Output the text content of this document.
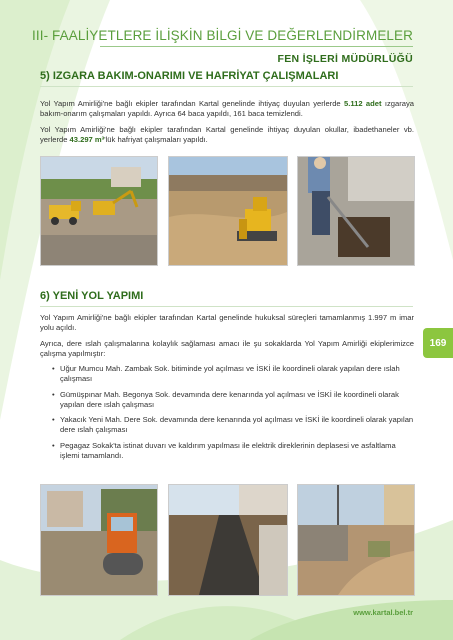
III- FAALİYETLERE İLİŞKİN BİLGİ VE DEĞERLENDİRMELER
FEN İŞLERİ MÜDÜRLÜĞÜ
5) IZGARA BAKIM-ONARIMI VE HAFRİYAT ÇALIŞMALARI

Yol Yapım Amirliği'ne bağlı ekipler tarafından Kartal genelinde ihtiyaç duyulan yerlerde 5.112 adet ızgaraya bakım-onarım çalışmaları yapıldı. Ayrıca 64 baca yapıldı, 161 baca temizlendi.

Yol Yapım Amirliği'ne bağlı ekipler tarafından Kartal genelinde ihtiyaç duyulan okullar, ibadethaneler vb. yerlerde 43.297 m³'lük hafriyat çalışmaları yapıldı.

6) YENİ YOL YAPIMI

Yol Yapım Amirliği'ne bağlı ekipler tarafından Kartal genelinde hukuksal süreçleri tamamlanmış 1.997 m imar yolu açıldı.

Ayrıca, dere ıslah çalışmalarına kolaylık sağlaması amacı ile şu sokaklarda Yol Yapım Amirliği ekiplerimizce çalışma yapılmıştır:

• Uğur Mumcu Mah. Zambak Sok. bitiminde yol açılması ve İSKİ ile koordineli olarak yapılan dere ıslah çalışması
• Gümüşpınar Mah. Begonya Sok. devamında dere kenarında yol açılması ve İSKİ ile koordineli olarak yapılan dere ıslah çalışması
• Yakacık Yeni Mah. Dere Sok. devamında dere kenarında yol açılması ve İSKİ ile koordineli olarak yapılan dere ıslah çalışması
• Pegagaz Sokak'ta istinat duvarı ve kaldırım yapılması ile elektrik direklerinin deplasesi ve asfaltlama işlemi tamamlandı.
169
www.kartal.bel.tr
